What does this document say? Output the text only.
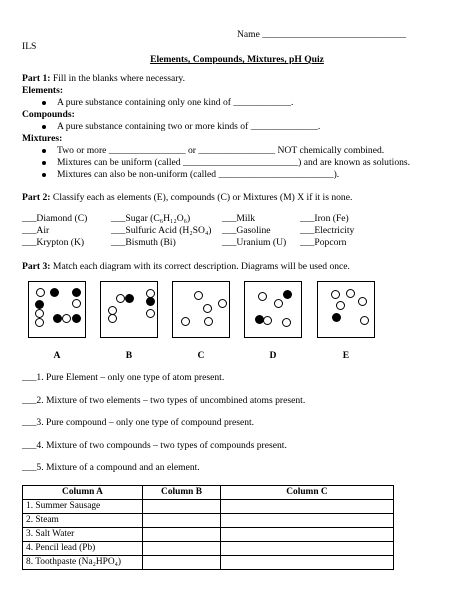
Name ______________________________
ILS
Elements, Compounds, Mixtures, pH Quiz
Part 1: Fill in the blanks where necessary.
Elements:
A pure substance containing only one kind of ____________.
Compounds:
A pure substance containing two or more kinds of ______________.
Mixtures:
Two or more ________________ or ________________ NOT chemically combined.
Mixtures can be uniform (called ________________________) and are known as solutions.
Mixtures can also be non-uniform (called ________________________).
Part 2: Classify each as elements (E), compounds (C) or Mixtures (M) X if it is none.
___Diamond (C) ___Sugar (C₆H₁₂O₆)	___Milk	___Iron (Fe)
___Air	___Sulfuric Acid (H₂SO₄) ___Gasoline	___Electricity
___Krypton (K)	___Bismuth (Bi)	___Uranium (U) ___Popcorn
Part 3: Match each diagram with its correct description. Diagrams will be used once.
A	B	C	D	E
___1. Pure Element – only one type of atom present.
___2. Mixture of two elements – two types of uncombined atoms present.
___3. Pure compound – only one type of compound present.
___4. Mixture of two compounds – two types of compounds present.
___5. Mixture of a compound and an element.
Column A	Column B	Column C
1. Summer Sausage		
2. Steam		
3. Salt Water		
4. Pencil lead (Pb)		
8. Toothpaste (Na₂HPO₄)		
